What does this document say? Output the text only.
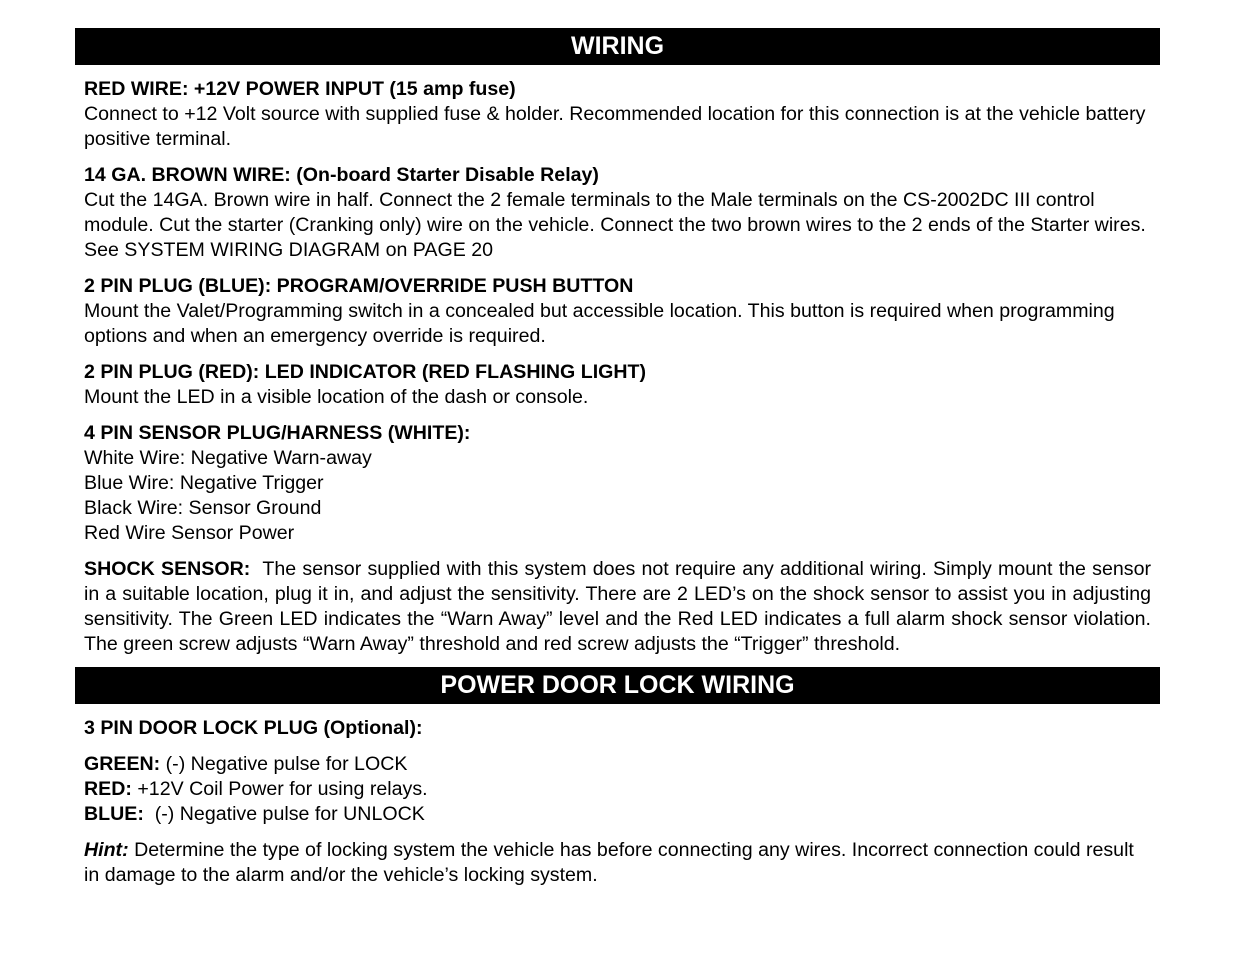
WIRING
RED WIRE: +12V POWER INPUT (15 amp fuse)
Connect to +12 Volt source with supplied fuse & holder. Recommended location for this connection is at the vehicle battery positive terminal.
14 GA. BROWN WIRE: (On-board Starter Disable Relay)
Cut the 14GA. Brown wire in half. Connect the 2 female terminals to the Male terminals on the CS-2002DC III control module. Cut the starter (Cranking only) wire on the vehicle. Connect the two brown wires to the 2 ends of the Starter wires. See SYSTEM WIRING DIAGRAM on PAGE 20
2 PIN PLUG (BLUE): PROGRAM/OVERRIDE PUSH BUTTON
Mount the Valet/Programming switch in a concealed but accessible location. This button is required when programming options and when an emergency override is required.
2 PIN PLUG (RED): LED INDICATOR (RED FLASHING LIGHT)
Mount the LED in a visible location of the dash or console.
4 PIN SENSOR PLUG/HARNESS (WHITE):
White Wire: Negative Warn-away
Blue Wire: Negative Trigger
Black Wire: Sensor Ground
Red Wire Sensor Power
SHOCK SENSOR: The sensor supplied with this system does not require any additional wiring. Simply mount the sensor in a suitable location, plug it in, and adjust the sensitivity. There are 2 LED’s on the shock sensor to assist you in adjusting sensitivity. The Green LED indicates the “Warn Away” level and the Red LED indicates a full alarm shock sensor violation. The green screw adjusts “Warn Away” threshold and red screw adjusts the “Trigger” threshold.
POWER DOOR LOCK WIRING
3 PIN DOOR LOCK PLUG (Optional):
GREEN: (-) Negative pulse for LOCK
RED: +12V Coil Power for using relays.
BLUE:  (-) Negative pulse for UNLOCK
Hint: Determine the type of locking system the vehicle has before connecting any wires. Incorrect connection could result in damage to the alarm and/or the vehicle’s locking system.
